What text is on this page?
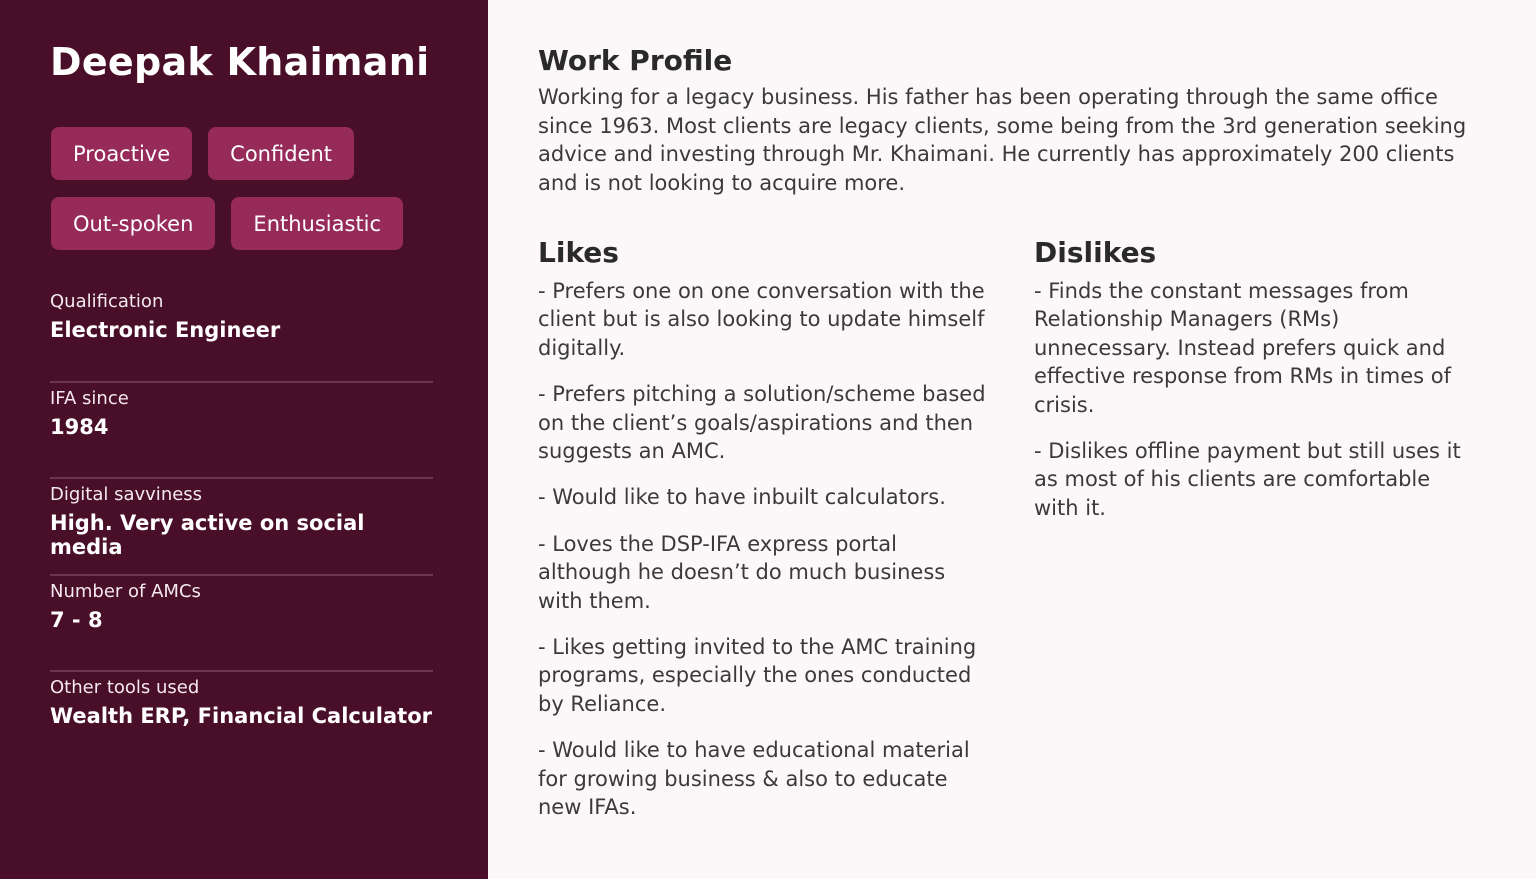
Deepak Khaimani
Proactive	Confident
Out-spoken	Enthusiastic
Qualification
Electronic Engineer
IFA since
1984
Digital savviness
High. Very active on social media
Number of AMCs
7 - 8
Other tools used
Wealth ERP, Financial Calculator
Work Profile

Working for a legacy business. His father has been operating through the same office since 1963. Most clients are legacy clients, some being from the 3rd generation seeking advice and investing through Mr. Khaimani. He currently has approximately 200 clients and is not looking to acquire more.

Likes

- Prefers one on one conversation with the client but is also looking to update himself digitally.

- Prefers pitching a solution/scheme based on the client’s goals/aspirations and then suggests an AMC.

- Would like to have inbuilt calculators.

- Loves the DSP-IFA express portal although he doesn’t do much business with them.

- Likes getting invited to the AMC training programs, especially the ones conducted by Reliance.

- Would like to have educational material for growing business & also to educate new IFAs.

Dislikes

- Finds the constant messages from Relationship Managers (RMs) unnecessary. Instead prefers quick and effective response from RMs in times of crisis.

- Dislikes offline payment but still uses it as most of his clients are comfortable with it.
